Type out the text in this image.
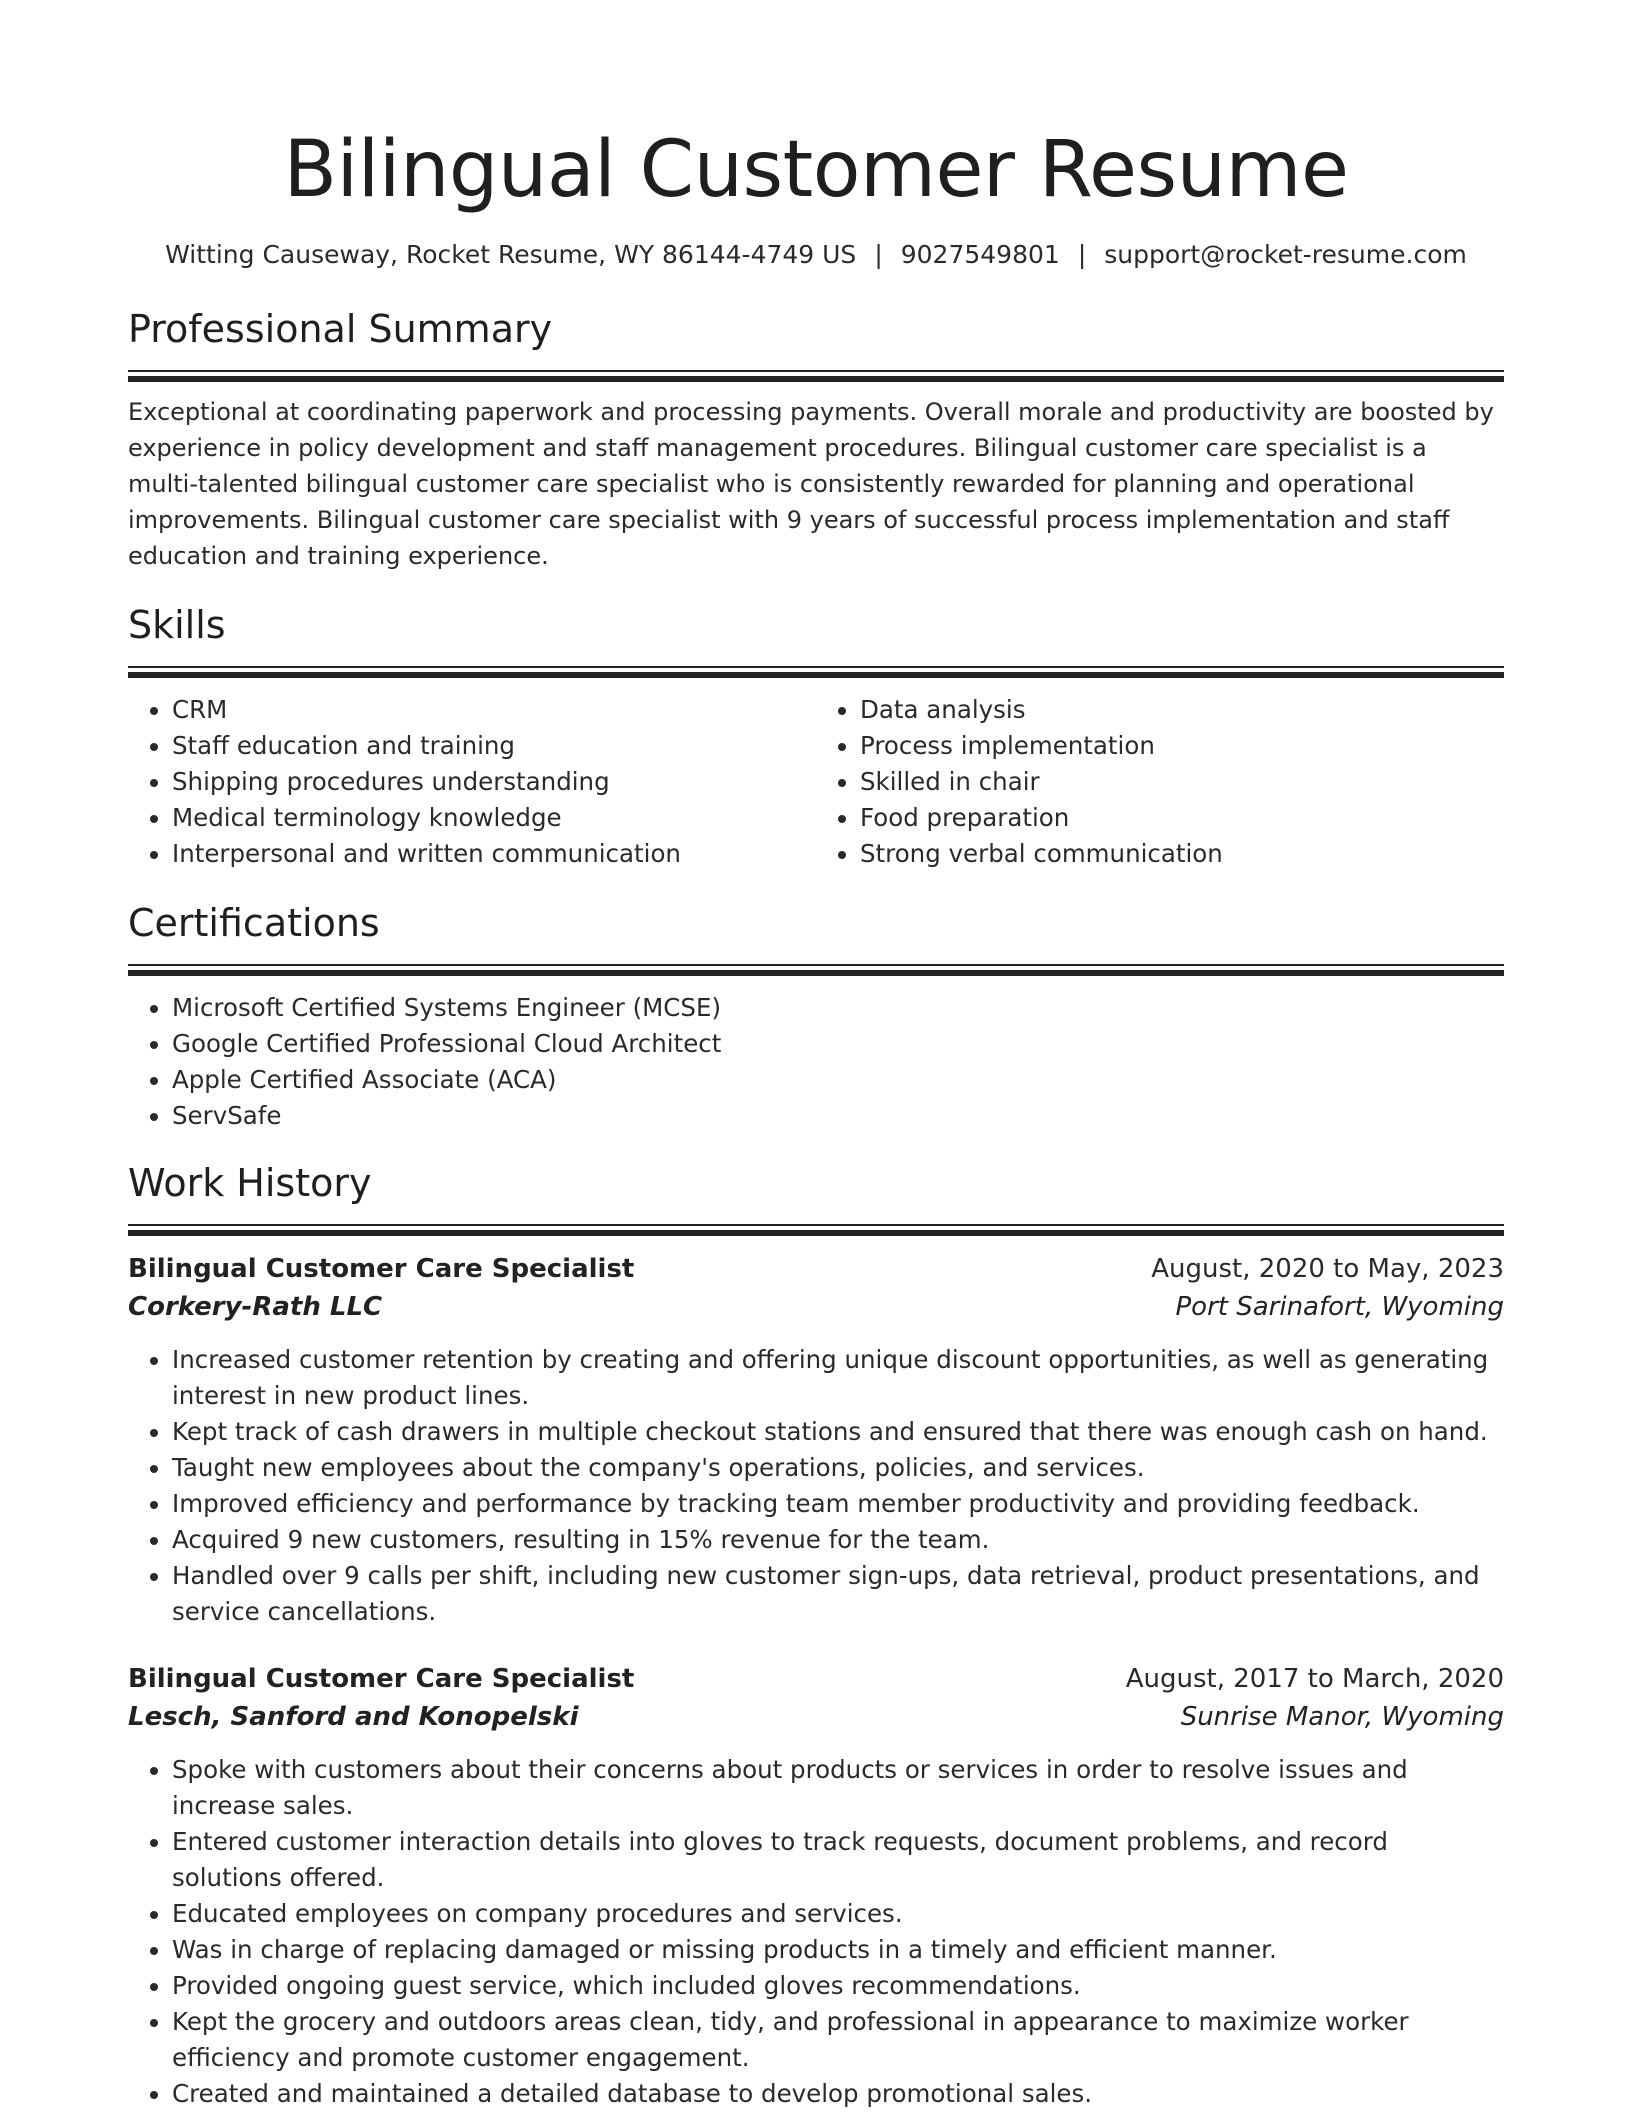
Bilingual Customer Resume
Witting Causeway, Rocket Resume, WY 86144-4749 US | 9027549801 | support@rocket-resume.com
Professional Summary

Exceptional at coordinating paperwork and processing payments. Overall morale and productivity are boosted by experience in policy development and staff management procedures. Bilingual customer care specialist is a multi-talented bilingual customer care specialist who is consistently rewarded for planning and operational improvements. Bilingual customer care specialist with 9 years of successful process implementation and staff education and training experience.

Skills
• CRM
• Staff education and training
• Shipping procedures understanding
• Medical terminology knowledge
• Interpersonal and written communication
• Data analysis
• Process implementation
• Skilled in chair
• Food preparation
• Strong verbal communication
Certifications
• Microsoft Certified Systems Engineer (MCSE)
• Google Certified Professional Cloud Architect
• Apple Certified Associate (ACA)
• ServSafe
Work History
Bilingual Customer Care Specialist	August, 2020 to May, 2023
Corkery-Rath LLC	Port Sarinafort, Wyoming
• Increased customer retention by creating and offering unique discount opportunities, as well as generating interest in new product lines.
• Kept track of cash drawers in multiple checkout stations and ensured that there was enough cash on hand.
• Taught new employees about the company's operations, policies, and services.
• Improved efficiency and performance by tracking team member productivity and providing feedback.
• Acquired 9 new customers, resulting in 15% revenue for the team.
• Handled over 9 calls per shift, including new customer sign-ups, data retrieval, product presentations, and service cancellations.
Bilingual Customer Care Specialist	August, 2017 to March, 2020
Lesch, Sanford and Konopelski	Sunrise Manor, Wyoming
• Spoke with customers about their concerns about products or services in order to resolve issues and increase sales.
• Entered customer interaction details into gloves to track requests, document problems, and record solutions offered.
• Educated employees on company procedures and services.
• Was in charge of replacing damaged or missing products in a timely and efficient manner.
• Provided ongoing guest service, which included gloves recommendations.
• Kept the grocery and outdoors areas clean, tidy, and professional in appearance to maximize worker efficiency and promote customer engagement.
• Created and maintained a detailed database to develop promotional sales.
